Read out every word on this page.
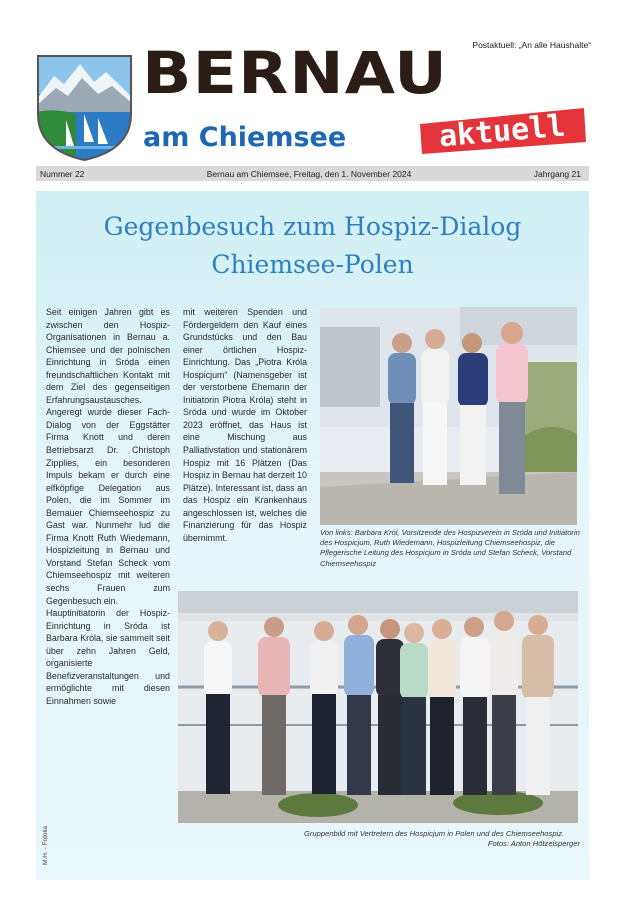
Postaktuell: „An alle Haushalte“
BERNAU
am Chiemsee	aktuell
Nummer 22	Bernau am Chiemsee, Freitag, den 1. November 2024	Jahrgang 21
Gegenbesuch zum Hospiz-Dialog
Chiemsee-Polen

Seit einigen Jahren gibt es zwischen den Hospiz-Organisationen in Bernau a. Chiemsee und der polnischen Einrichtung in Sróda einen freundschaftlichen Kontakt mit dem Ziel des gegenseitigen Erfahrungsaustausches. Angeregt wurde dieser Fach-Dialog von der Eggstätter Firma Knott und deren Betriebsarzt Dr. Christoph Zipplies, ein besonderen Impuls bekam er durch eine elfköpfige Delegation aus Polen, die im Sommer im Bernauer Chiemseehospiz zu Gast war. Nunmehr lud die Firma Knott Ruth Wiedemann, Hospizleitung in Bernau und Vorstand Stefan Scheck vom Chiemseehospiz mit weiteren sechs Frauen zum Gegenbesuch ein.

Hauptinitiatorin der Hospiz-Einrichtung in Sróda ist Barbara Króla, sie sammelt seit über zehn Jahren Geld, organisierte Benefizveranstaltungen und ermöglichte mit diesen Einnahmen sowie

mit weiteren Spenden und Fördergeldern den Kauf eines Grundstücks und den Bau einer örtlichen Hospiz-Einrichtung. Das „Piotra Króla Hospicjum“ (Namensgeber ist der verstorbene Ehemann der Initiatorin Piotra Króla) steht in Sróda und wurde im Oktober 2023 eröffnet, das Haus ist eine Mischung aus Palliativstation und stationärem Hospiz mit 16 Plätzen (Das Hospiz in Bernau hat derzeit 10 Plätze). Interessant ist, dass an das Hospiz ein Krankenhaus angeschlossen ist, welches die Finanzierung für das Hospiz übernimmt.

Von links: Barbara Król, Vorsitzende des Hospizverein in Sróda und Initiatorin des Hospicjum, Ruth Wiedemann, Hospizleitung Chiemseehospiz, die Pflegerische Leitung des Hospicjum in Sróda und Stefan Scheck, Vorstand Chiemseehospiz
Gruppenbild mit Vertretern des Hospicjum in Polen und des Chiemseehospiz.
Fotos: Anton Hötzelsperger
M.H. - Fotolia
